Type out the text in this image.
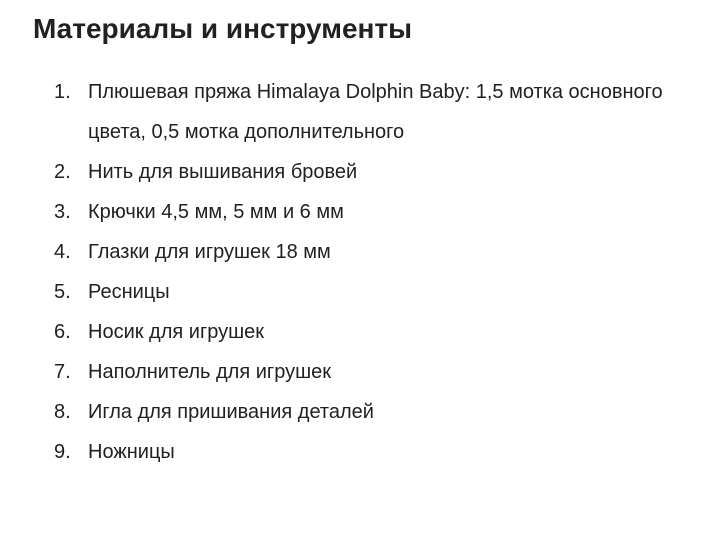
Материалы и инструменты
1. Плюшевая пряжа Himalaya Dolphin Baby: 1,5 мотка основного цвета, 0,5 мотка дополнительного
2. Нить для вышивания бровей
3. Крючки 4,5 мм, 5 мм и 6 мм
4. Глазки для игрушек 18 мм
5. Ресницы
6. Носик для игрушек
7. Наполнитель для игрушек
8. Игла для пришивания деталей
9. Ножницы
